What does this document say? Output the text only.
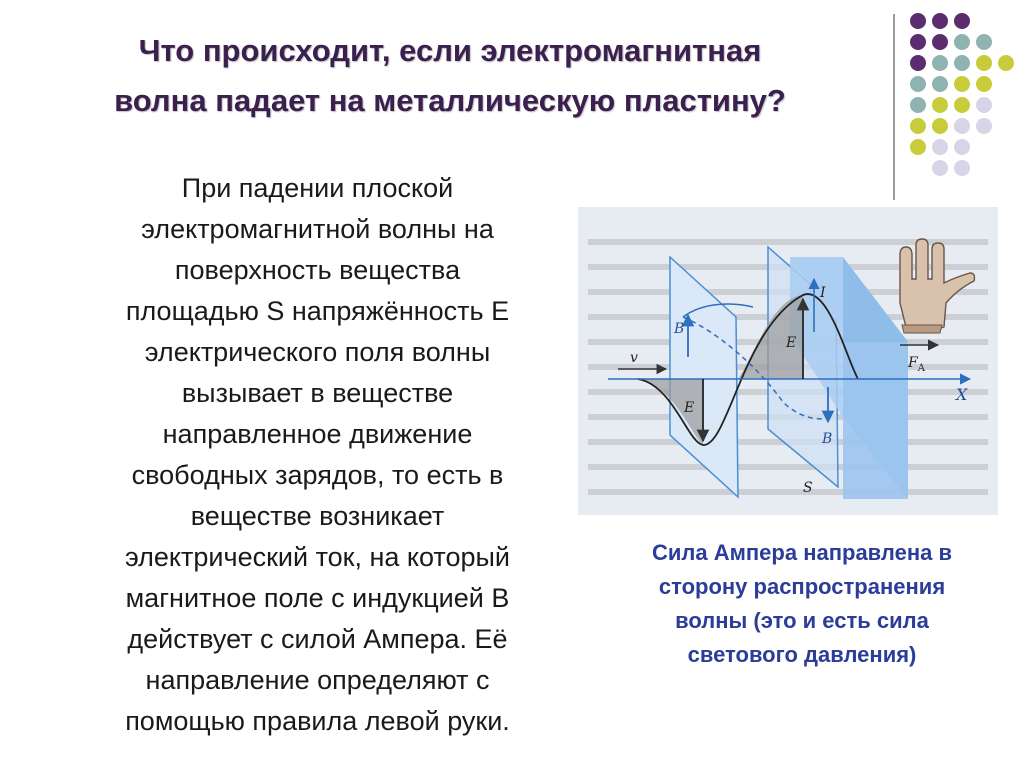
Что происходит, если электромагнитная
волна падает на металлическую пластину?
При падении плоской
электромагнитной волны на
поверхность вещества
площадью S напряжённость E
электрического поля волны
вызывает в веществе
направленное движение
свободных зарядов, то есть в
веществе возникает
электрический ток, на который
магнитное поле с индукцией B
действует с силой Ампера. Её
направление определяют с
помощью правила левой руки.
v
B
E
E
B
I
$F_A$
X
S
Сила Ампера направлена в
сторону распространения
волны (это и есть сила
светового давления)
